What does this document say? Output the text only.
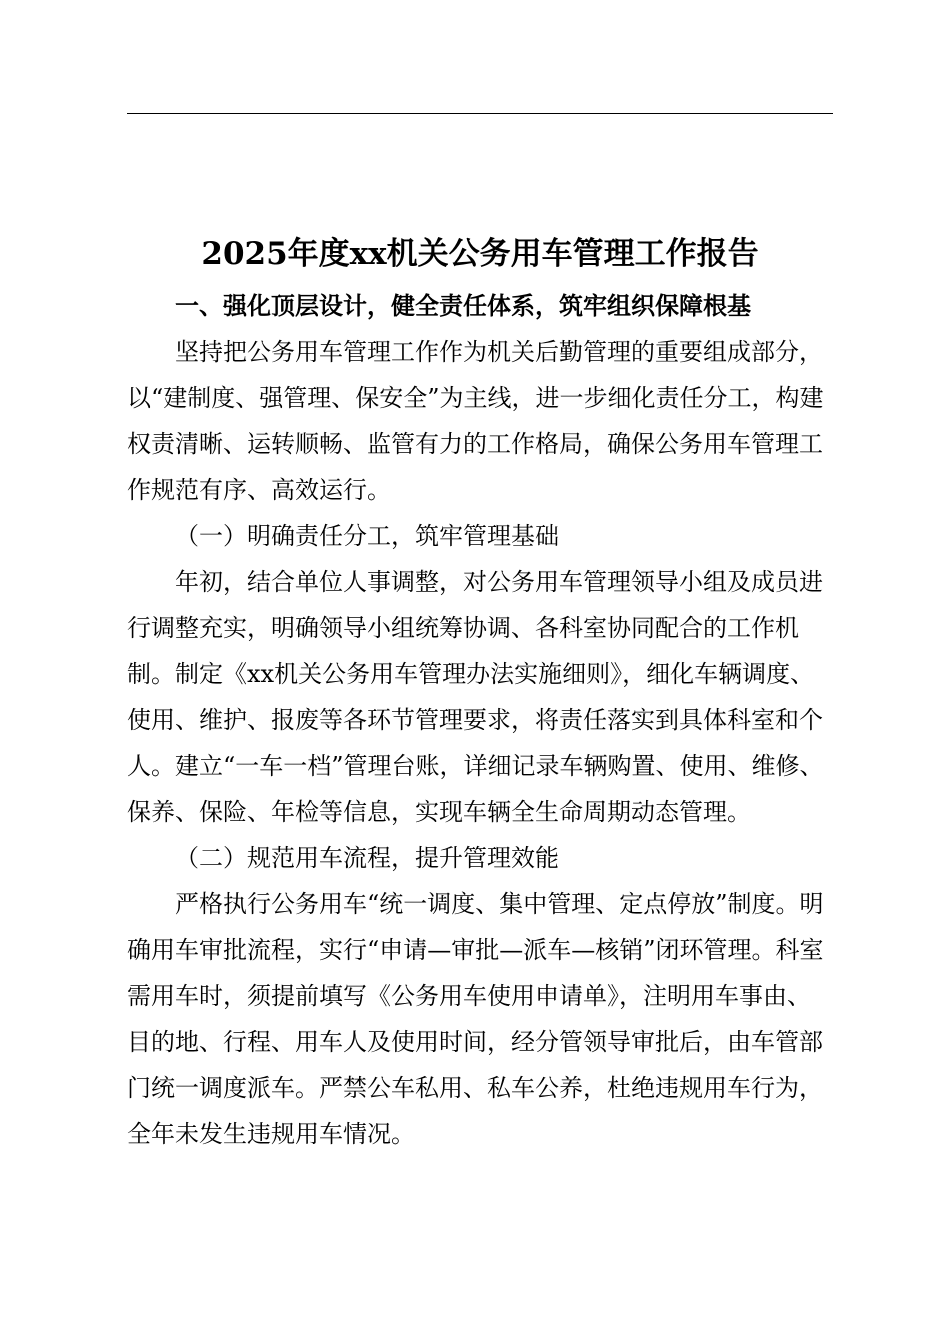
2025年度xx机关公务用车管理工作报告

一、强化顶层设计，健全责任体系，筑牢组织保障根基

坚持把公务用车管理工作作为机关后勤管理的重要组成部分，以“建制度、强管理、保安全”为主线，进一步细化责任分工，构建权责清晰、运转顺畅、监管有力的工作格局，确保公务用车管理工作规范有序、高效运行。

（一）明确责任分工，筑牢管理基础

年初，结合单位人事调整，对公务用车管理领导小组及成员进行调整充实，明确领导小组统筹协调、各科室协同配合的工作机制。制定《xx机关公务用车管理办法实施细则》，细化车辆调度、使用、维护、报废等各环节管理要求，将责任落实到具体科室和个人。建立“一车一档”管理台账，详细记录车辆购置、使用、维修、保养、保险、年检等信息，实现车辆全生命周期动态管理。

（二）规范用车流程，提升管理效能

严格执行公务用车“统一调度、集中管理、定点停放”制度。明确用车审批流程，实行“申请—审批—派车—核销”闭环管理。科室需用车时，须提前填写《公务用车使用申请单》，注明用车事由、目的地、行程、用车人及使用时间，经分管领导审批后，由车管部门统一调度派车。严禁公车私用、私车公养，杜绝违规用车行为，全年未发生违规用车情况。
